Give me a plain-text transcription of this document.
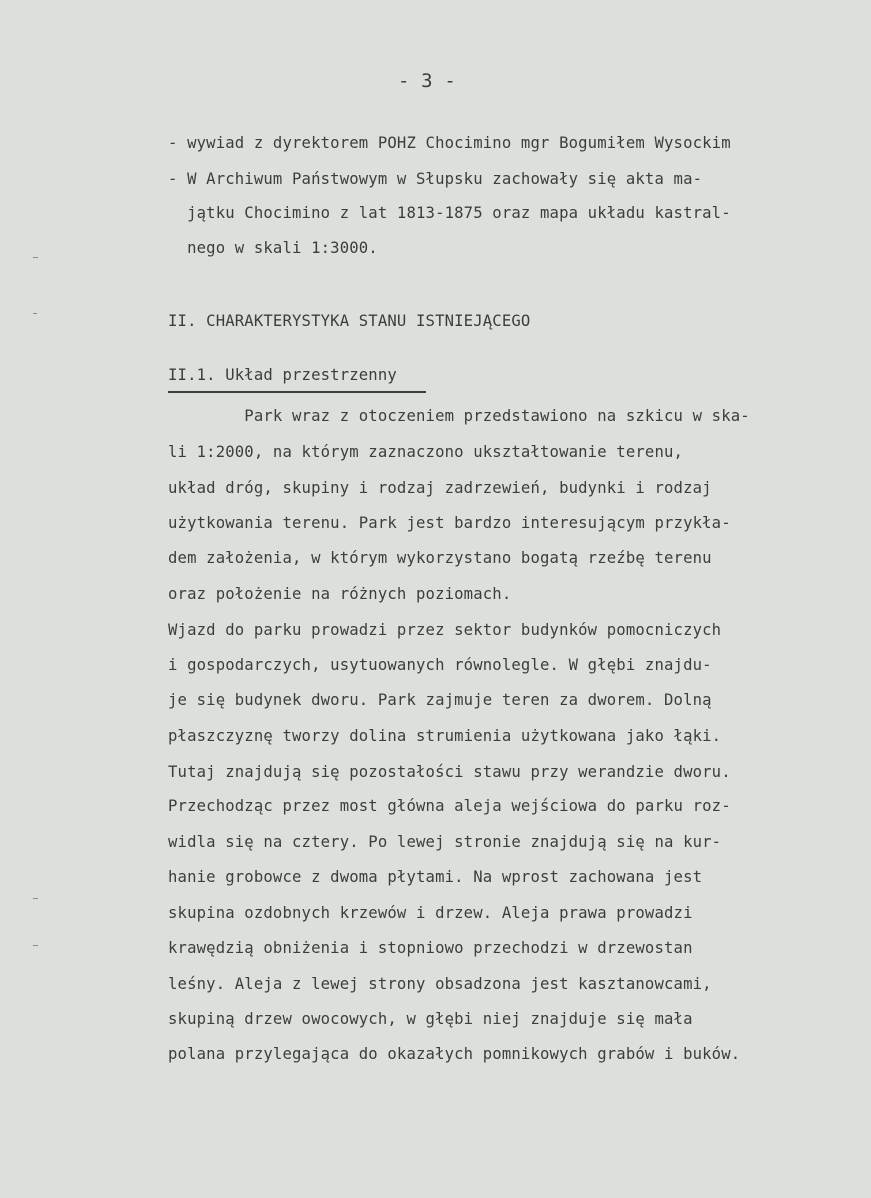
- 3 -
- wywiad z dyrektorem POHZ Chocimino mgr Bogumiłem Wysockim
- W Archiwum Państwowym w Słupsku zachowały się akta ma-
jątku Chocimino z lat 1813-1875 oraz mapa układu kastral-
nego w skali 1:3000.
II. CHARAKTERYSTYKA STANU ISTNIEJĄCEGO
II.1. Układ przestrzenny
Park wraz z otoczeniem przedstawiono na szkicu w ska-
li 1:2000, na którym zaznaczono ukształtowanie terenu,
układ dróg, skupiny i rodzaj zadrzewień, budynki i rodzaj
użytkowania terenu. Park jest bardzo interesującym przykła-
dem założenia, w którym wykorzystano bogatą rzeźbę terenu
oraz położenie na różnych poziomach.
Wjazd do parku prowadzi przez sektor budynków pomocniczych
i gospodarczych, usytuowanych równolegle. W głębi znajdu-
je się budynek dworu. Park zajmuje teren za dworem. Dolną
płaszczyznę tworzy dolina strumienia użytkowana jako łąki.
Tutaj znajdują się pozostałości stawu przy werandzie dworu.
Przechodząc przez most główna aleja wejściowa do parku roz-
widla się na cztery. Po lewej stronie znajdują się na kur-
hanie grobowce z dwoma płytami. Na wprost zachowana jest
skupina ozdobnych krzewów i drzew. Aleja prawa prowadzi
krawędzią obniżenia i stopniowo przechodzi w drzewostan
leśny. Aleja z lewej strony obsadzona jest kasztanowcami,
skupiną drzew owocowych, w głębi niej znajduje się mała
polana przylegająca do okazałych pomnikowych grabów i buków.
